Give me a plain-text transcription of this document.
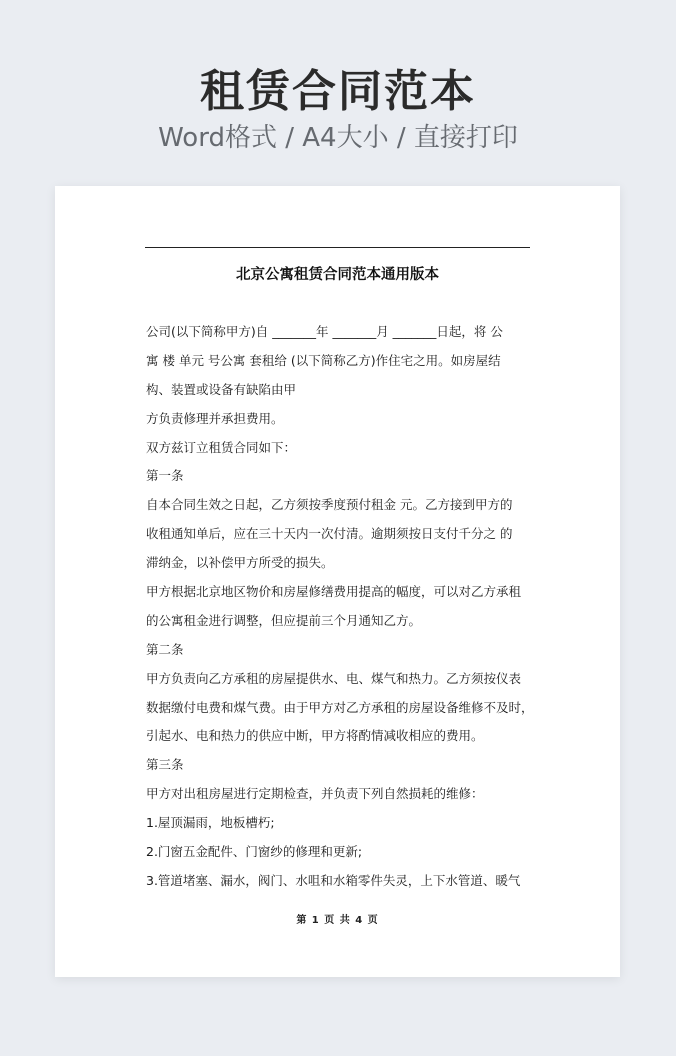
租赁合同范本
Word格式 / A4大小 / 直接打印
北京公寓租赁合同范本通用版本
公司(以下简称甲方)自 _______年 _______月 _______日起，将 公
寓 楼 单元 号公寓 套租给 (以下简称乙方)作住宅之用。如房屋结
构、装置或设备有缺陷由甲
方负责修理并承担费用。
双方兹订立租赁合同如下：
第一条
自本合同生效之日起，乙方须按季度预付租金 元。乙方接到甲方的
收租通知单后，应在三十天内一次付清。逾期须按日支付千分之 的
滞纳金，以补偿甲方所受的损失。
甲方根据北京地区物价和房屋修缮费用提高的幅度，可以对乙方承租
的公寓租金进行调整，但应提前三个月通知乙方。
第二条
甲方负责向乙方承租的房屋提供水、电、煤气和热力。乙方须按仪表
数据缴付电费和煤气费。由于甲方对乙方承租的房屋设备维修不及时，
引起水、电和热力的供应中断，甲方将酌情减收相应的费用。
第三条
甲方对出租房屋进行定期检查，并负责下列自然损耗的维修：
1.屋顶漏雨，地板槽朽;
2.门窗五金配件、门窗纱的修理和更新;
3.管道堵塞、漏水，阀门、水咀和水箱零件失灵，上下水管道、暖气
第 1 页 共 4 页
